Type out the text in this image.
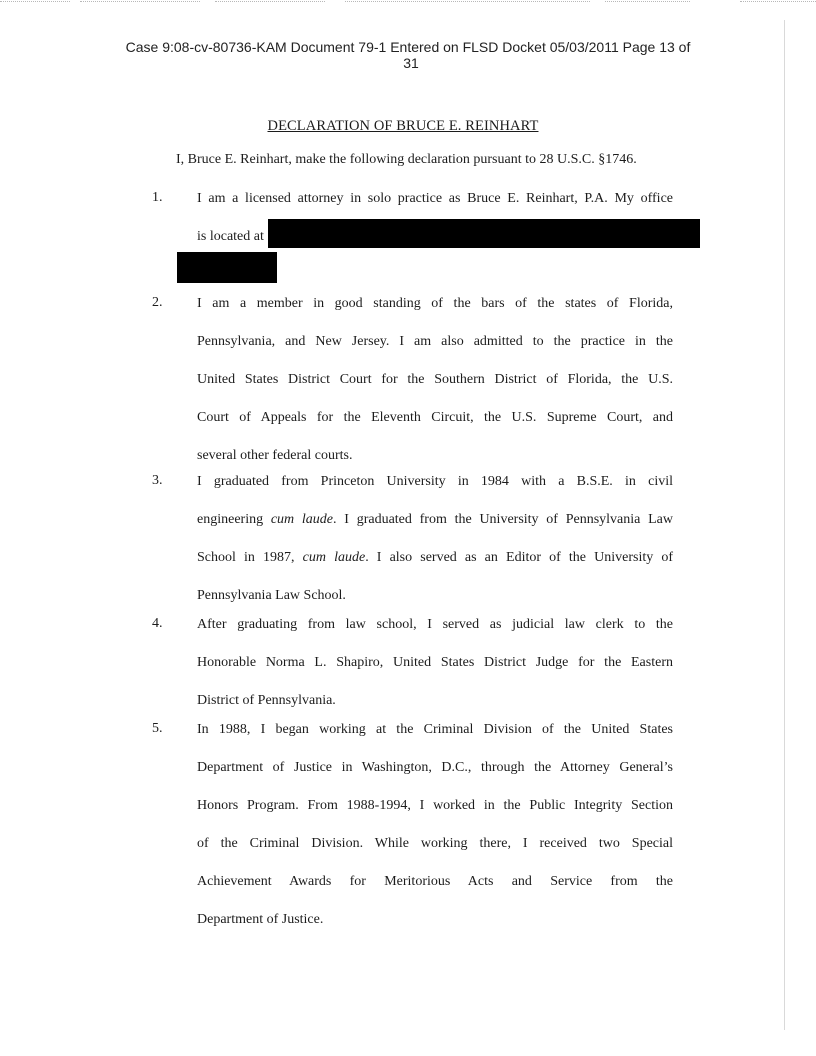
Case 9:08-cv-80736-KAM Document 79-1 Entered on FLSD Docket 05/03/2011 Page 13 of
31
DECLARATION OF BRUCE E. REINHART
I, Bruce E. Reinhart, make the following declaration pursuant to 28 U.S.C. §1746.
1. I am a licensed attorney in solo practice as Bruce E. Reinhart, P.A. My office
is located at
2. I am a member in good standing of the bars of the states of Florida,
Pennsylvania, and New Jersey. I am also admitted to the practice in the
United States District Court for the Southern District of Florida, the U.S.
Court of Appeals for the Eleventh Circuit, the U.S. Supreme Court, and
several other federal courts.
3. I graduated from Princeton University in 1984 with a B.S.E. in civil
engineering cum laude. I graduated from the University of Pennsylvania Law
School in 1987, cum laude. I also served as an Editor of the University of
Pennsylvania Law School.
4. After graduating from law school, I served as judicial law clerk to the
Honorable Norma L. Shapiro, United States District Judge for the Eastern
District of Pennsylvania.
5. In 1988, I began working at the Criminal Division of the United States
Department of Justice in Washington, D.C., through the Attorney General’s
Honors Program. From 1988-1994, I worked in the Public Integrity Section
of the Criminal Division. While working there, I received two Special
Achievement Awards for Meritorious Acts and Service from the
Department of Justice.
